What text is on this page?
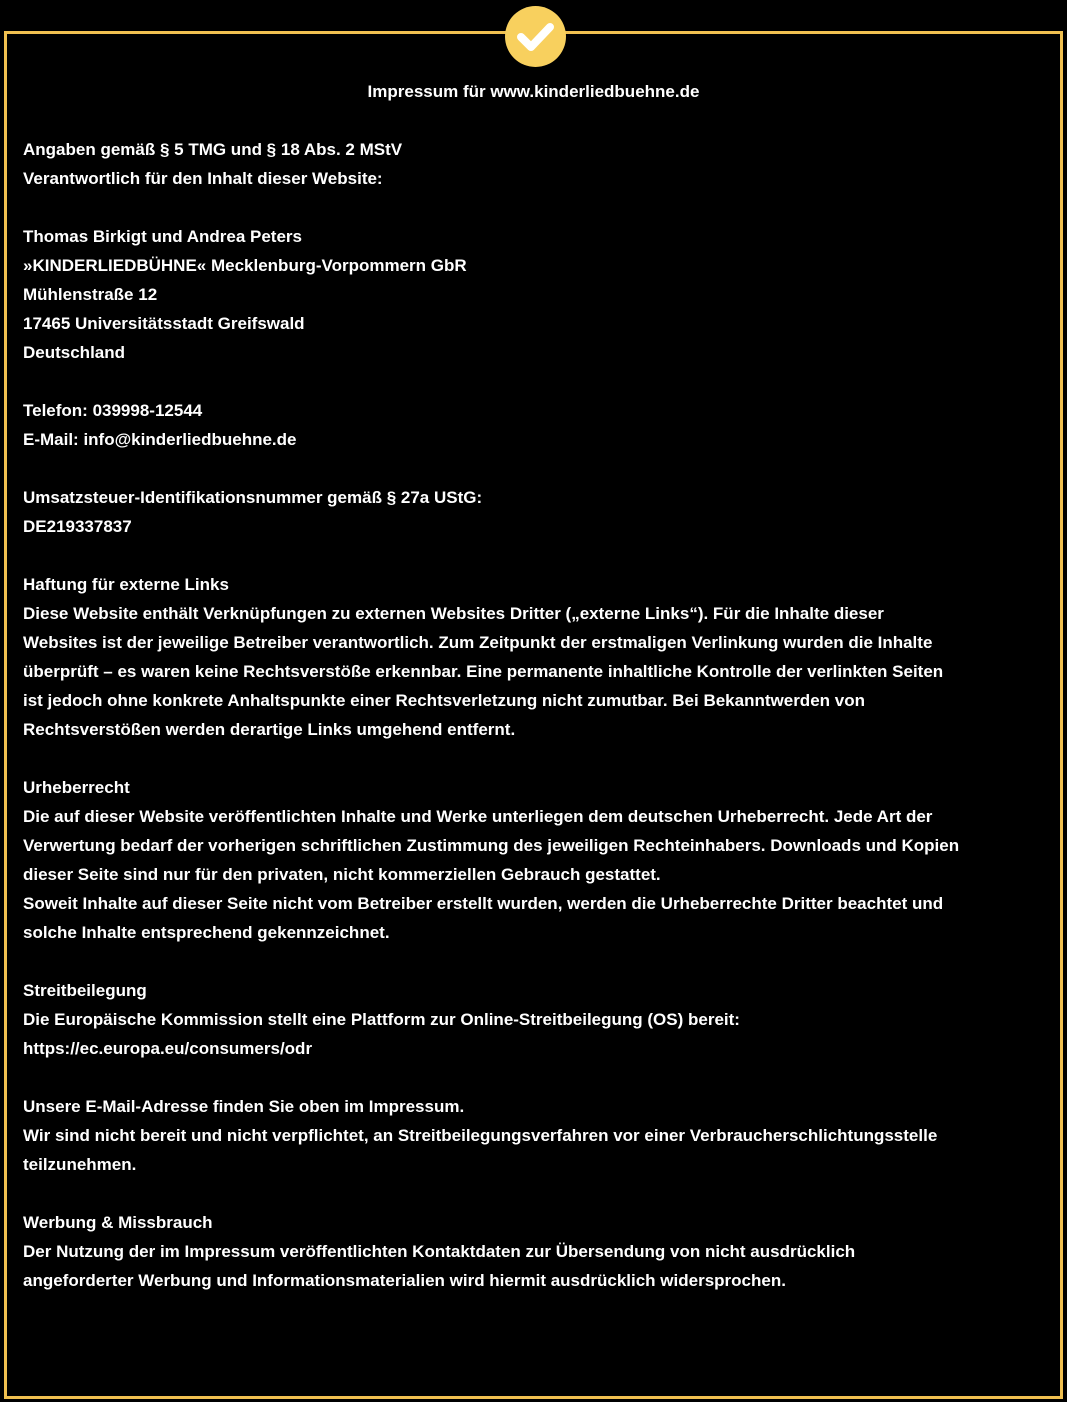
Impressum für www.kinderliedbuehne.de

Angaben gemäß § 5 TMG und § 18 Abs. 2 MStV
Verantwortlich für den Inhalt dieser Website:

Thomas Birkigt und Andrea Peters
»KINDERLIEDBÜHNE« Mecklenburg-Vorpommern GbR
Mühlenstraße 12
17465 Universitätsstadt Greifswald
Deutschland

Telefon: 039998-12544
E-Mail: info@kinderliedbuehne.de

Umsatzsteuer-Identifikationsnummer gemäß § 27a UStG:
DE219337837

Haftung für externe Links
Diese Website enthält Verknüpfungen zu externen Websites Dritter („externe Links“). Für die Inhalte dieser
Websites ist der jeweilige Betreiber verantwortlich. Zum Zeitpunkt der erstmaligen Verlinkung wurden die Inhalte
überprüft – es waren keine Rechtsverstöße erkennbar. Eine permanente inhaltliche Kontrolle der verlinkten Seiten
ist jedoch ohne konkrete Anhaltspunkte einer Rechtsverletzung nicht zumutbar. Bei Bekanntwerden von
Rechtsverstößen werden derartige Links umgehend entfernt.

Urheberrecht
Die auf dieser Website veröffentlichten Inhalte und Werke unterliegen dem deutschen Urheberrecht. Jede Art der
Verwertung bedarf der vorherigen schriftlichen Zustimmung des jeweiligen Rechteinhabers. Downloads und Kopien
dieser Seite sind nur für den privaten, nicht kommerziellen Gebrauch gestattet.
Soweit Inhalte auf dieser Seite nicht vom Betreiber erstellt wurden, werden die Urheberrechte Dritter beachtet und
solche Inhalte entsprechend gekennzeichnet.

Streitbeilegung
Die Europäische Kommission stellt eine Plattform zur Online-Streitbeilegung (OS) bereit:
https://ec.europa.eu/consumers/odr

Unsere E-Mail-Adresse finden Sie oben im Impressum.
Wir sind nicht bereit und nicht verpflichtet, an Streitbeilegungsverfahren vor einer Verbraucherschlichtungsstelle
teilzunehmen.

Werbung & Missbrauch
Der Nutzung der im Impressum veröffentlichten Kontaktdaten zur Übersendung von nicht ausdrücklich
angeforderter Werbung und Informationsmaterialien wird hiermit ausdrücklich widersprochen.
